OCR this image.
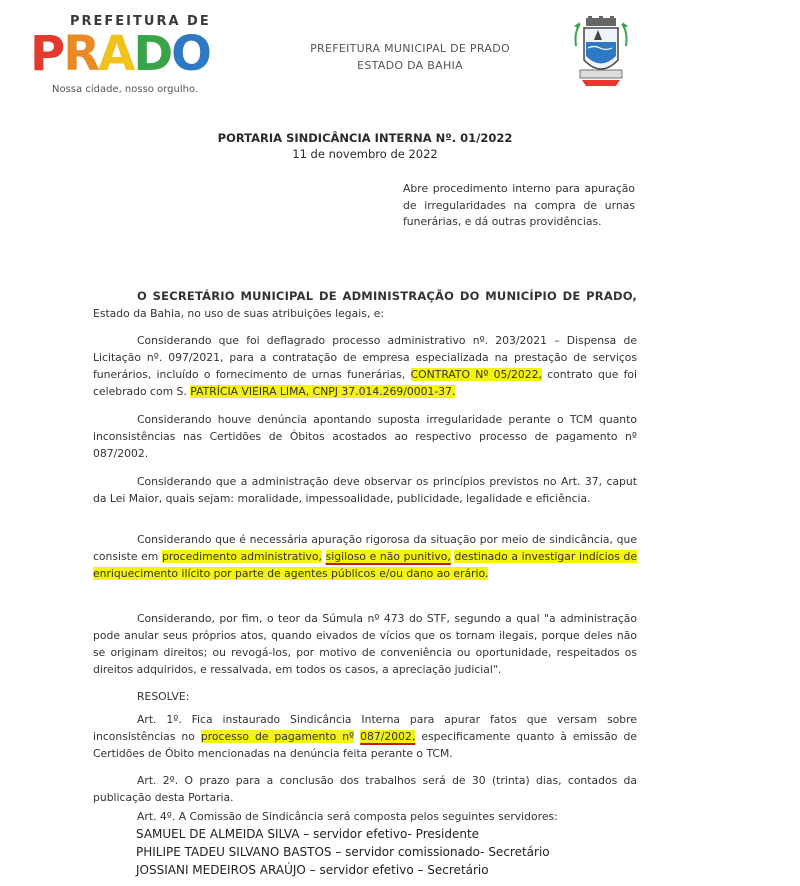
PREFEITURA DE
PRADO
Nossa cidade, nosso orgulho.
PREFEITURA MUNICIPAL DE PRADO
ESTADO DA BAHIA
PORTARIA SINDICÂNCIA INTERNA Nº. 01/2022
11 de novembro de 2022
Abre procedimento interno para apuração de irregularidades na compra de urnas funerárias, e dá outras providências.
O SECRETÁRIO MUNICIPAL DE ADMINISTRAÇÃO DO MUNICÍPIO DE PRADO, Estado da Bahia, no uso de suas atribuições legais, e:
Considerando que foi deflagrado processo administrativo nº. 203/2021 – Dispensa de Licitação nº. 097/2021, para a contratação de empresa especializada na prestação de serviços funerários, incluído o fornecimento de urnas funerárias, CONTRATO Nº 05/2022, contrato que foi celebrado com S. PATRÍCIA VIEIRA LIMA, CNPJ 37.014.269/0001-37.
Considerando houve denúncia apontando suposta irregularidade perante o TCM quanto inconsistências nas Certidões de Óbitos acostados ao respectivo processo de pagamento nº 087/2002.
Considerando que a administração deve observar os princípios previstos no Art. 37, caput da Lei Maior, quais sejam: moralidade, impessoalidade, publicidade, legalidade e eficiência.
Considerando que é necessária apuração rigorosa da situação por meio de sindicância, que consiste em procedimento administrativo, sigiloso e não punitivo, destinado a investigar indícios de enriquecimento ilícito por parte de agentes públicos e/ou dano ao erário.
Considerando, por fim, o teor da Súmula nº 473 do STF, segundo a qual "a administração pode anular seus próprios atos, quando eivados de vícios que os tornam ilegais, porque deles não se originam direitos; ou revogá-los, por motivo de conveniência ou oportunidade, respeitados os direitos adquiridos, e ressalvada, em todos os casos, a apreciação judicial".
RESOLVE:
Art. 1º. Fica instaurado Sindicância Interna para apurar fatos que versam sobre inconsistências no processo de pagamento nº 087/2002, especificamente quanto à emissão de Certidões de Óbito mencionadas na denúncia feita perante o TCM.
Art. 2º. O prazo para a conclusão dos trabalhos será de 30 (trinta) dias, contados da publicação desta Portaria.
Art. 4º. A Comissão de Sindicância será composta pelos seguintes servidores:
SAMUEL DE ALMEIDA SILVA – servidor efetivo- Presidente
PHILIPE TADEU SILVANO BASTOS – servidor comissionado- Secretário
JOSSIANI MEDEIROS ARAÚJO – servidor efetivo – Secretário
